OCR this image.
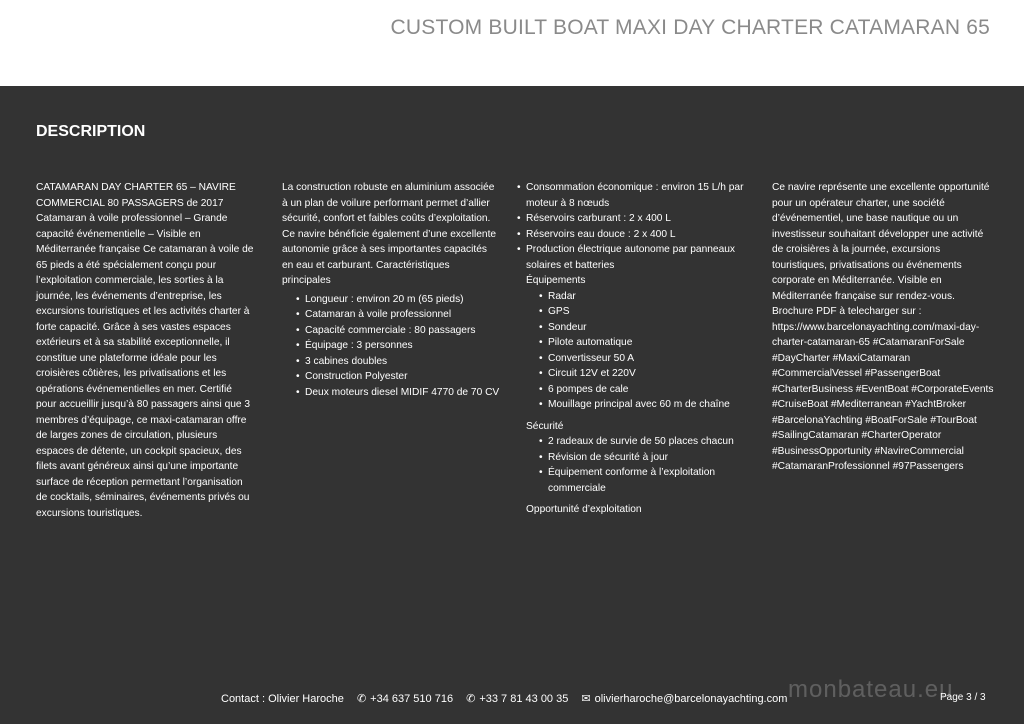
CUSTOM BUILT BOAT MAXI DAY CHARTER CATAMARAN 65
DESCRIPTION

CATAMARAN DAY CHARTER 65 – NAVIRE COMMERCIAL 80 PASSAGERS de 2017 Catamaran à voile professionnel – Grande capacité événementielle – Visible en Méditerranée française Ce catamaran à voile de 65 pieds a été spécialement conçu pour l’exploitation commerciale, les sorties à la journée, les événements d’entreprise, les excursions touristiques et les activités charter à forte capacité. Grâce à ses vastes espaces extérieurs et à sa stabilité exceptionnelle, il constitue une plateforme idéale pour les croisières côtières, les privatisations et les opérations événementielles en mer. Certifié pour accueillir jusqu’à 80 passagers ainsi que 3 membres d’équipage, ce maxi-catamaran offre de larges zones de circulation, plusieurs espaces de détente, un cockpit spacieux, des filets avant généreux ainsi qu’une importante surface de réception permettant l’organisation de cocktails, séminaires, événements privés ou excursions touristiques.

La construction robuste en aluminium associée à un plan de voilure performant permet d’allier sécurité, confort et faibles coûts d’exploitation. Ce navire bénéficie également d’une excellente autonomie grâce à ses importantes capacités en eau et carburant. Caractéristiques principales

• Longueur : environ 20 m (65 pieds)
• Catamaran à voile professionnel
• Capacité commerciale : 80 passagers
• Équipage : 3 personnes
• 3 cabines doubles
• Construction Polyester
• Deux moteurs diesel MIDIF 4770 de 70 CV
• Consommation économique : environ 15 L/h par moteur à 8 nœuds
• Réservoirs carburant : 2 x 400 L
• Réservoirs eau douce : 2 x 400 L
• Production électrique autonome par panneaux solaires et batteries

Équipements

• Radar
• GPS
• Sondeur
• Pilote automatique
• Convertisseur 50 A
• Circuit 12V et 220V
• 6 pompes de cale
• Mouillage principal avec 60 m de chaîne

Sécurité

• 2 radeaux de survie de 50 places chacun
• Révision de sécurité à jour
• Équipement conforme à l’exploitation commerciale

Opportunité d’exploitation

Ce navire représente une excellente opportunité pour un opérateur charter, une société d’événementiel, une base nautique ou un investisseur souhaitant développer une activité de croisières à la journée, excursions touristiques, privatisations ou événements corporate en Méditerranée. Visible en Méditerranée française sur rendez-vous. Brochure PDF à telecharger sur : https://www.barcelonayachting.com/maxi-day-charter-catamaran-65 #CatamaranForSale #DayCharter #MaxiCatamaran #CommercialVessel #PassengerBoat #CharterBusiness #EventBoat #CorporateEvents #CruiseBoat #Mediterranean #YachtBroker #BarcelonaYachting #BoatForSale #TourBoat #SailingCatamaran #CharterOperator #BusinessOpportunity #NavireCommercial #CatamaranProfessionnel #97Passengers

Contact : Olivier Haroche ✆ +34 637 510 716 ✆ +33 7 81 43 00 35 ✉ olivierharoche@barcelonayachting.com	Page 3 / 3
monbateau.eu
